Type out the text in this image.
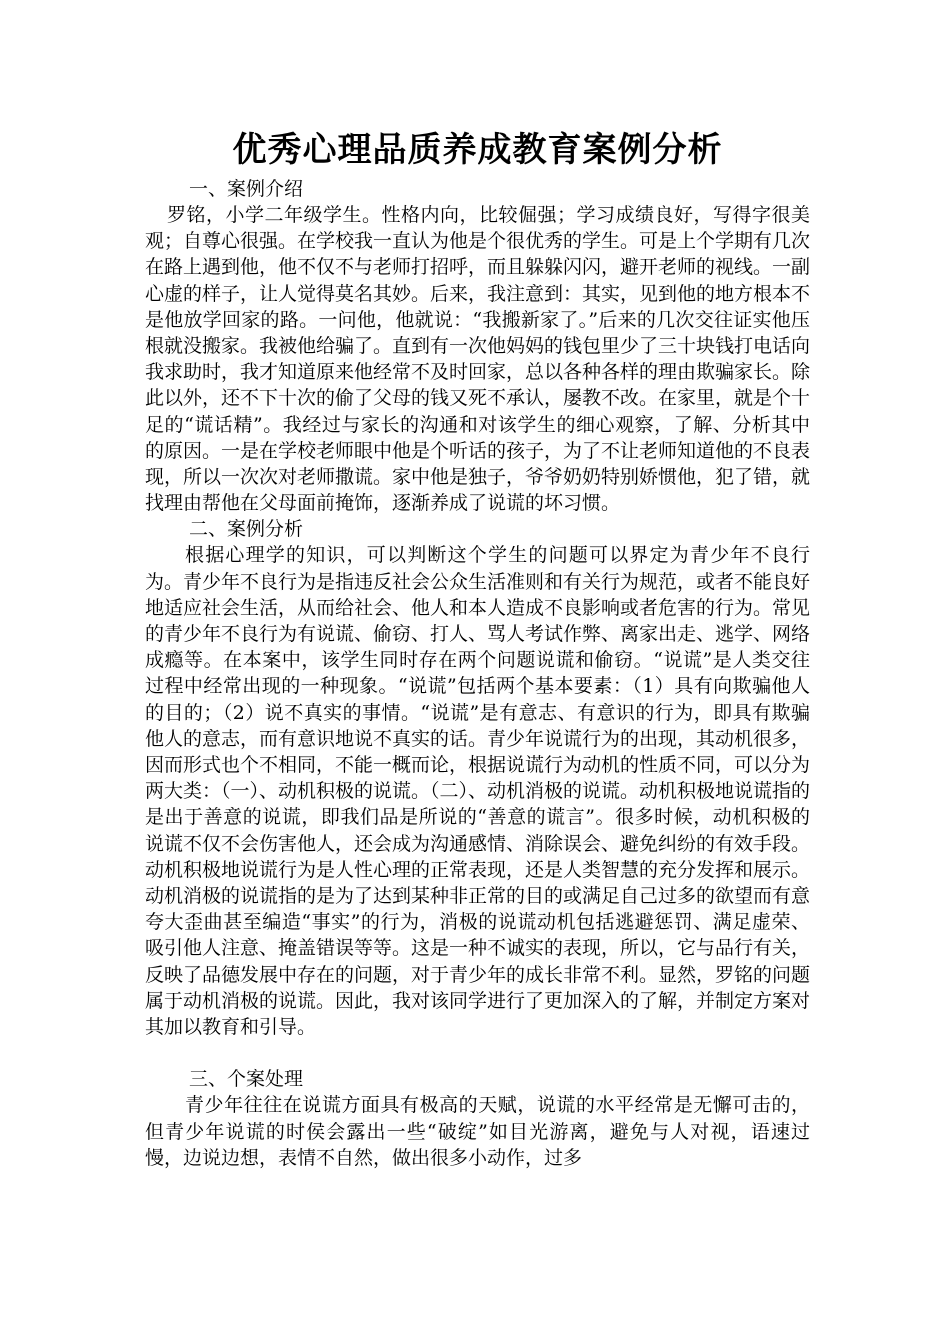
优秀心理品质养成教育案例分析

一、案例介绍

罗铭，小学二年级学生。性格内向，比较倔强；学习成绩良好，写得字很美观；自尊心很强。在学校我一直认为他是个很优秀的学生。可是上个学期有几次在路上遇到他，他不仅不与老师打招呼，而且躲躲闪闪，避开老师的视线。一副心虚的样子，让人觉得莫名其妙。后来，我注意到：其实，见到他的地方根本不是他放学回家的路。一问他，他就说：“我搬新家了。”后来的几次交往证实他压根就没搬家。我被他给骗了。直到有一次他妈妈的钱包里少了三十块钱打电话向我求助时，我才知道原来他经常不及时回家，总以各种各样的理由欺骗家长。除此以外，还不下十次的偷了父母的钱又死不承认，屡教不改。在家里，就是个十足的“谎话精”。我经过与家长的沟通和对该学生的细心观察，了解、分析其中的原因。一是在学校老师眼中他是个听话的孩子，为了不让老师知道他的不良表现，所以一次次对老师撒谎。家中他是独子，爷爷奶奶特别娇惯他，犯了错，就找理由帮他在父母面前掩饰，逐渐养成了说谎的坏习惯。

二、案例分析

根据心理学的知识，可以判断这个学生的问题可以界定为青少年不良行为。青少年不良行为是指违反社会公众生活准则和有关行为规范，或者不能良好地适应社会生活，从而给社会、他人和本人造成不良影响或者危害的行为。常见的青少年不良行为有说谎、偷窃、打人、骂人考试作弊、离家出走、逃学、网络成瘾等。在本案中，该学生同时存在两个问题说谎和偷窃。“说谎”是人类交往过程中经常出现的一种现象。“说谎”包括两个基本要素：（1）具有向欺骗他人的目的；（2）说不真实的事情。“说谎”是有意志、有意识的行为，即具有欺骗他人的意志，而有意识地说不真实的话。青少年说谎行为的出现，其动机很多，因而形式也个不相同，不能一概而论，根据说谎行为动机的性质不同，可以分为两大类：（一）、动机积极的说谎。（二）、动机消极的说谎。动机积极地说谎指的是出于善意的说谎，即我们品是所说的“善意的谎言”。很多时候，动机积极的说谎不仅不会伤害他人，还会成为沟通感情、消除误会、避免纠纷的有效手段。动机积极地说谎行为是人性心理的正常表现，还是人类智慧的充分发挥和展示。动机消极的说谎指的是为了达到某种非正常的目的或满足自己过多的欲望而有意夸大歪曲甚至编造“事实”的行为，消极的说谎动机包括逃避惩罚、满足虚荣、吸引他人注意、掩盖错误等等。这是一种不诚实的表现，所以，它与品行有关，反映了品德发展中存在的问题，对于青少年的成长非常不利。显然，罗铭的问题属于动机消极的说谎。因此，我对该同学进行了更加深入的了解，并制定方案对其加以教育和引导。

三、个案处理

青少年往往在说谎方面具有极高的天赋，说谎的水平经常是无懈可击的，但青少年说谎的时侯会露出一些“破绽”如目光游离，避免与人对视，语速过慢，边说边想，表情不自然，做出很多小动作，过多
